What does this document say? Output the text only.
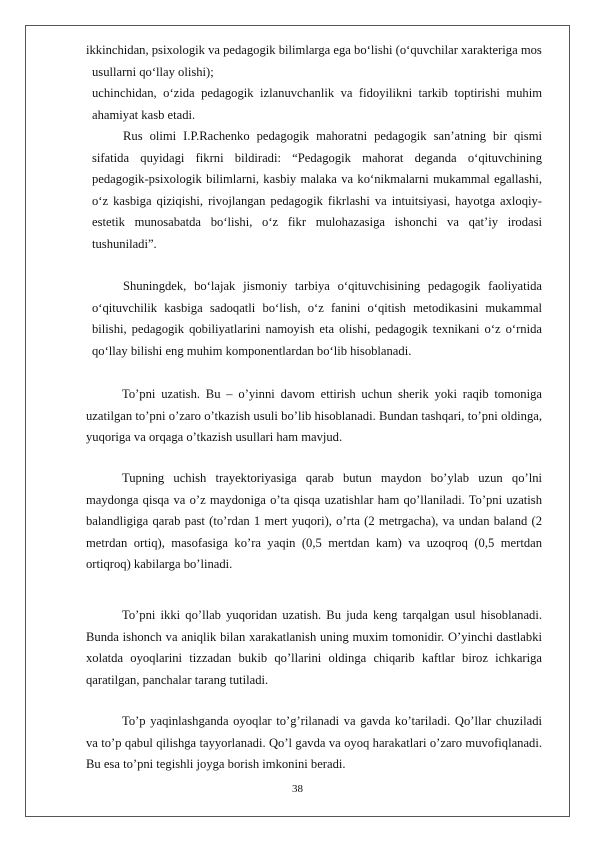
ikkinchidan, psixologik va pedagogik bilimlarga ega bo‘lishi (o‘quvchilar xarakteriga mos usullarni qo‘llay olishi);

uchinchidan, o‘zida pedagogik izlanuvchanlik va fidoyilikni tarkib toptirishi muhim ahamiyat kasb etadi.

Rus olimi I.P.Rachenko pedagogik mahoratni pedagogik san’atning bir qismi sifatida quyidagi fikrni bildiradi: “Pedagogik mahorat deganda o‘qituvchining pedagogik-psixologik bilimlarni, kasbiy malaka va ko‘nikmalarni mukammal egallashi, o‘z kasbiga qiziqishi, rivojlangan pedagogik fikrlashi va intuitsiyasi, hayotga axloqiy-estetik munosabatda bo‘lishi, o‘z fikr mulohazasiga ishonchi va qat’iy irodasi tushuniladi”.

Shuningdek, bo‘lajak jismoniy tarbiya o‘qituvchisining pedagogik faoliyatida o‘qituvchilik kasbiga sadoqatli bo‘lish, o‘z fanini o‘qitish metodikasini mukammal bilishi, pedagogik qobiliyatlarini namoyish eta olishi, pedagogik texnikani o‘z o‘rnida qo‘llay bilishi eng muhim komponentlardan bo‘lib hisoblanadi.

To’pni uzatish. Bu – o’yinni davom ettirish uchun sherik yoki raqib tomoniga uzatilgan to’pni o’zaro o’tkazish usuli bo’lib hisoblanadi. Bundan tashqari, to’pni oldinga, yuqoriga va orqaga o’tkazish usullari ham mavjud.

Tupning uchish trayektoriyasiga qarab butun maydon bo’ylab uzun qo’lni maydonga qisqa va o’z maydoniga o’ta qisqa uzatishlar ham qo’llaniladi. To’pni uzatish balandligiga qarab past (to’rdan 1 mert yuqori), o’rta (2 metrgacha), va undan baland (2 metrdan ortiq), masofasiga ko’ra yaqin (0,5 mertdan kam) va uzoqroq (0,5 mertdan ortiqroq) kabilarga bo’linadi.

To’pni ikki qo’llab yuqoridan uzatish. Bu juda keng tarqalgan usul hisoblanadi. Bunda ishonch va aniqlik bilan xarakatlanish uning muxim tomonidir. O’yinchi dastlabki xolatda oyoqlarini tizzadan bukib qo’llarini oldinga chiqarib kaftlar biroz ichkariga qaratilgan, panchalar tarang tutiladi.

To’p yaqinlashganda oyoqlar to’g’rilanadi va gavda ko’tariladi. Qo’llar chuziladi va to’p qabul qilishga tayyorlanadi. Qo’l gavda va oyoq harakatlari o’zaro muvofiqlanadi. Bu esa to’pni tegishli joyga borish imkonini beradi.

38
